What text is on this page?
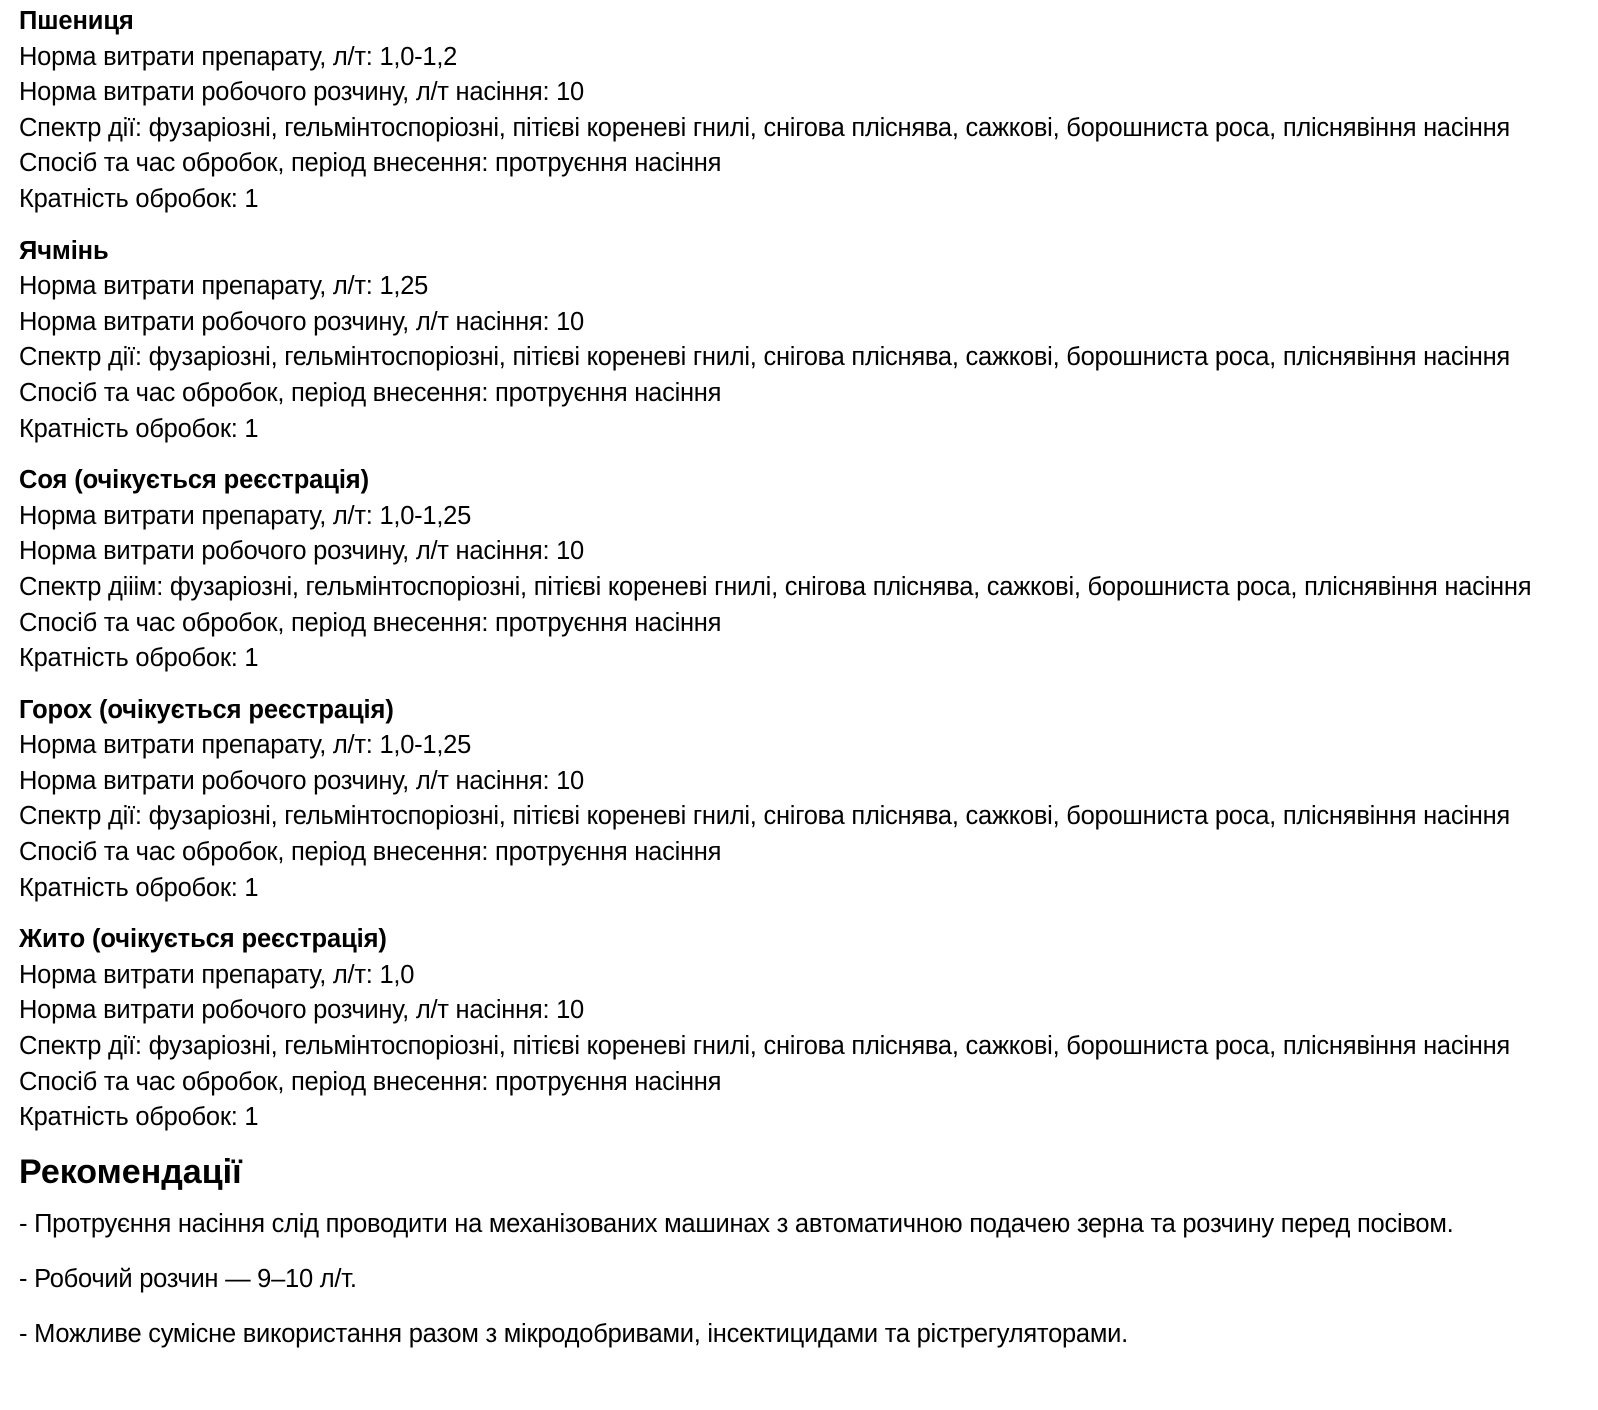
Пшениця
Норма витрати препарату, л/т: 1,0-1,2
Норма витрати робочого розчину, л/т насіння: 10
Спектр дії: фузаріозні, гельмінтоспоріозні, пітієві кореневі гнилі, снігова пліснява, сажкові, борошниста роса, пліснявіння насіння
Спосіб та час обробок, період внесення: протруєння насіння
Кратність обробок: 1
Ячмінь
Норма витрати препарату, л/т: 1,25
Норма витрати робочого розчину, л/т насіння: 10
Спектр дії: фузаріозні, гельмінтоспоріозні, пітієві кореневі гнилі, снігова пліснява, сажкові, борошниста роса, пліснявіння насіння
Спосіб та час обробок, період внесення: протруєння насіння
Кратність обробок: 1
Соя (очікується реєстрація)
Норма витрати препарату, л/т: 1,0-1,25
Норма витрати робочого розчину, л/т насіння: 10
Спектр дііім: фузаріозні, гельмінтоспоріозні, пітієві кореневі гнилі, снігова пліснява, сажкові, борошниста роса, пліснявіння насіння
Спосіб та час обробок, період внесення: протруєння насіння
Кратність обробок: 1
Горох (очікується реєстрація)
Норма витрати препарату, л/т: 1,0-1,25
Норма витрати робочого розчину, л/т насіння: 10
Спектр дії: фузаріозні, гельмінтоспоріозні, пітієві кореневі гнилі, снігова пліснява, сажкові, борошниста роса, пліснявіння насіння
Спосіб та час обробок, період внесення: протруєння насіння
Кратність обробок: 1
Жито (очікується реєстрація)
Норма витрати препарату, л/т: 1,0
Норма витрати робочого розчину, л/т насіння: 10
Спектр дії: фузаріозні, гельмінтоспоріозні, пітієві кореневі гнилі, снігова пліснява, сажкові, борошниста роса, пліснявіння насіння
Спосіб та час обробок, період внесення: протруєння насіння
Кратність обробок: 1
Рекомендації
- Протруєння насіння слід проводити на механізованих машинах з автоматичною подачею зерна та розчину перед посівом.
- Робочий розчин — 9–10 л/т.
- Можливе сумісне використання разом з мікродобривами, інсектицидами та рістрегуляторами.
